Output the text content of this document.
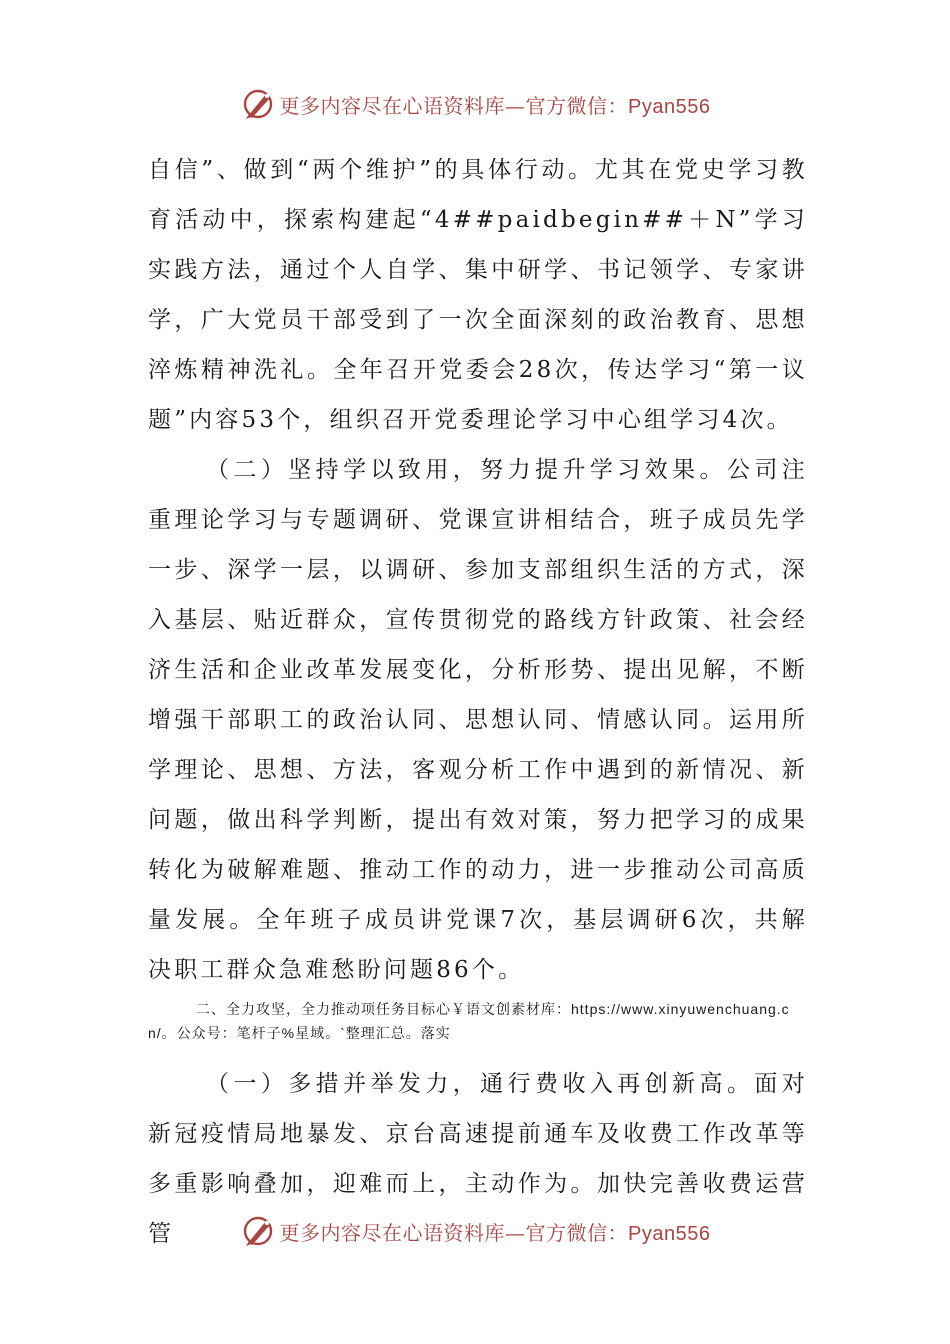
更多内容尽在心语资料库—官方微信：Pyan556

自信”、做到“两个维护”的具体行动。尤其在党史学习教育活动中，探索构建起“4##paidbegin##＋N”学习实践方法，通过个人自学、集中研学、书记领学、专家讲学，广大党员干部受到了一次全面深刻的政治教育、思想淬炼精神洗礼。全年召开党委会28次，传达学习“第一议题”内容53个，组织召开党委理论学习中心组学习4次。

（二）坚持学以致用，努力提升学习效果。公司注重理论学习与专题调研、党课宣讲相结合，班子成员先学一步、深学一层，以调研、参加支部组织生活的方式，深入基层、贴近群众，宣传贯彻党的路线方针政策、社会经济生活和企业改革发展变化，分析形势、提出见解，不断增强干部职工的政治认同、思想认同、情感认同。运用所学理论、思想、方法，客观分析工作中遇到的新情况、新问题，做出科学判断，提出有效对策，努力把学习的成果转化为破解难题、推动工作的动力，进一步推动公司高质量发展。全年班子成员讲党课7次，基层调研6次，共解决职工群众急难愁盼问题86个。

二、全力攻坚，全力推动项任务目标心￥语文创素材库：https://www.xinyuwenchuang.cn/。公众号：笔杆子%星域。`整理汇总。落实

（一）多措并举发力，通行费收入再创新高。面对新冠疫情局地暴发、京台高速提前通车及收费工作改革等多重影响叠加，迎难而上，主动作为。加快完善收费运营管	更多内容尽在心语资料库—官方微信：Pyan556
